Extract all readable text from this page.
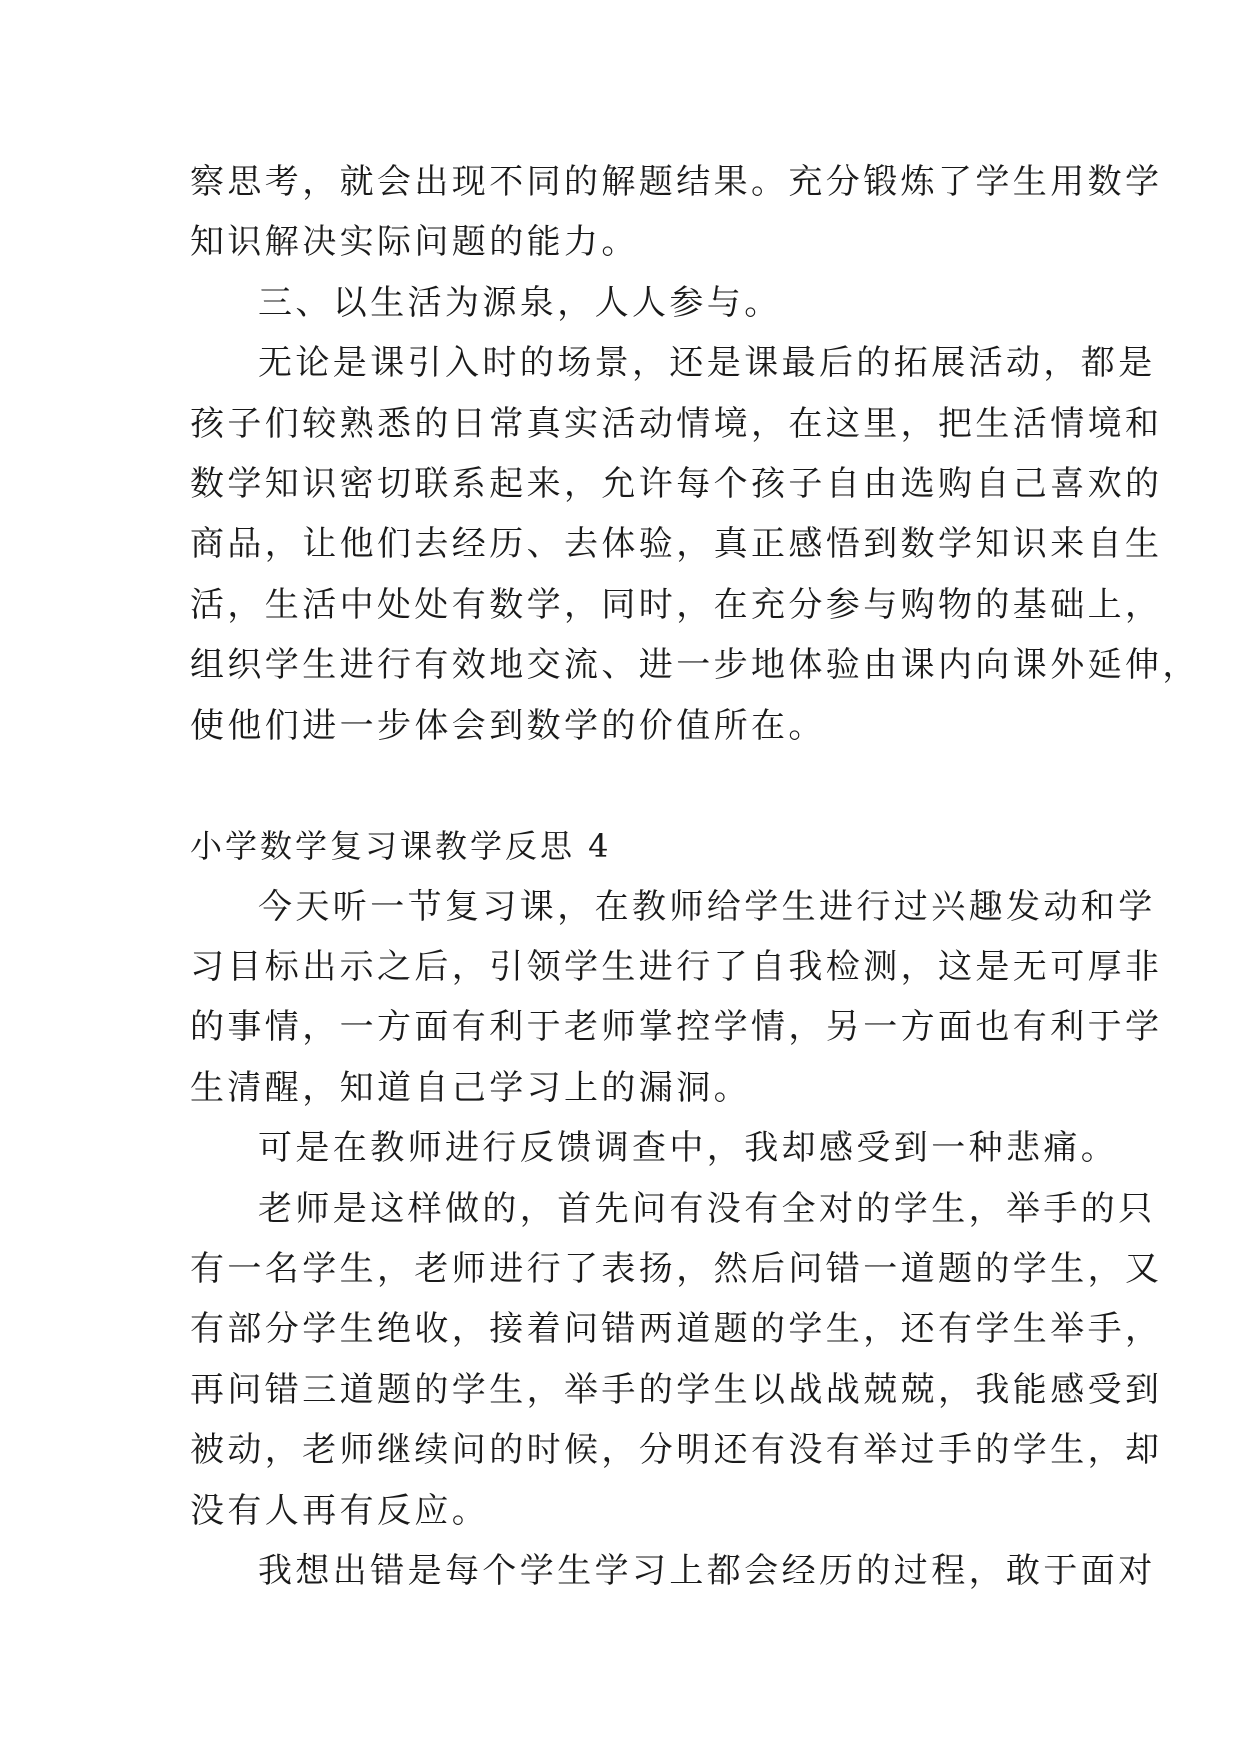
察思考，就会出现不同的解题结果。充分锻炼了学生用数学
知识解决实际问题的能力。
三、以生活为源泉，人人参与。
无论是课引入时的场景，还是课最后的拓展活动，都是
孩子们较熟悉的日常真实活动情境，在这里，把生活情境和
数学知识密切联系起来，允许每个孩子自由选购自己喜欢的
商品，让他们去经历、去体验，真正感悟到数学知识来自生
活，生活中处处有数学，同时，在充分参与购物的基础上，
组织学生进行有效地交流、进一步地体验由课内向课外延伸，
使他们进一步体会到数学的价值所在。
小学数学复习课教学反思 4
今天听一节复习课，在教师给学生进行过兴趣发动和学
习目标出示之后，引领学生进行了自我检测，这是无可厚非
的事情，一方面有利于老师掌控学情，另一方面也有利于学
生清醒，知道自己学习上的漏洞。
可是在教师进行反馈调查中，我却感受到一种悲痛。
老师是这样做的，首先问有没有全对的学生，举手的只
有一名学生，老师进行了表扬，然后问错一道题的学生，又
有部分学生绝收，接着问错两道题的学生，还有学生举手，
再问错三道题的学生，举手的学生以战战兢兢，我能感受到
被动，老师继续问的时候，分明还有没有举过手的学生，却
没有人再有反应。
我想出错是每个学生学习上都会经历的过程，敢于面对
